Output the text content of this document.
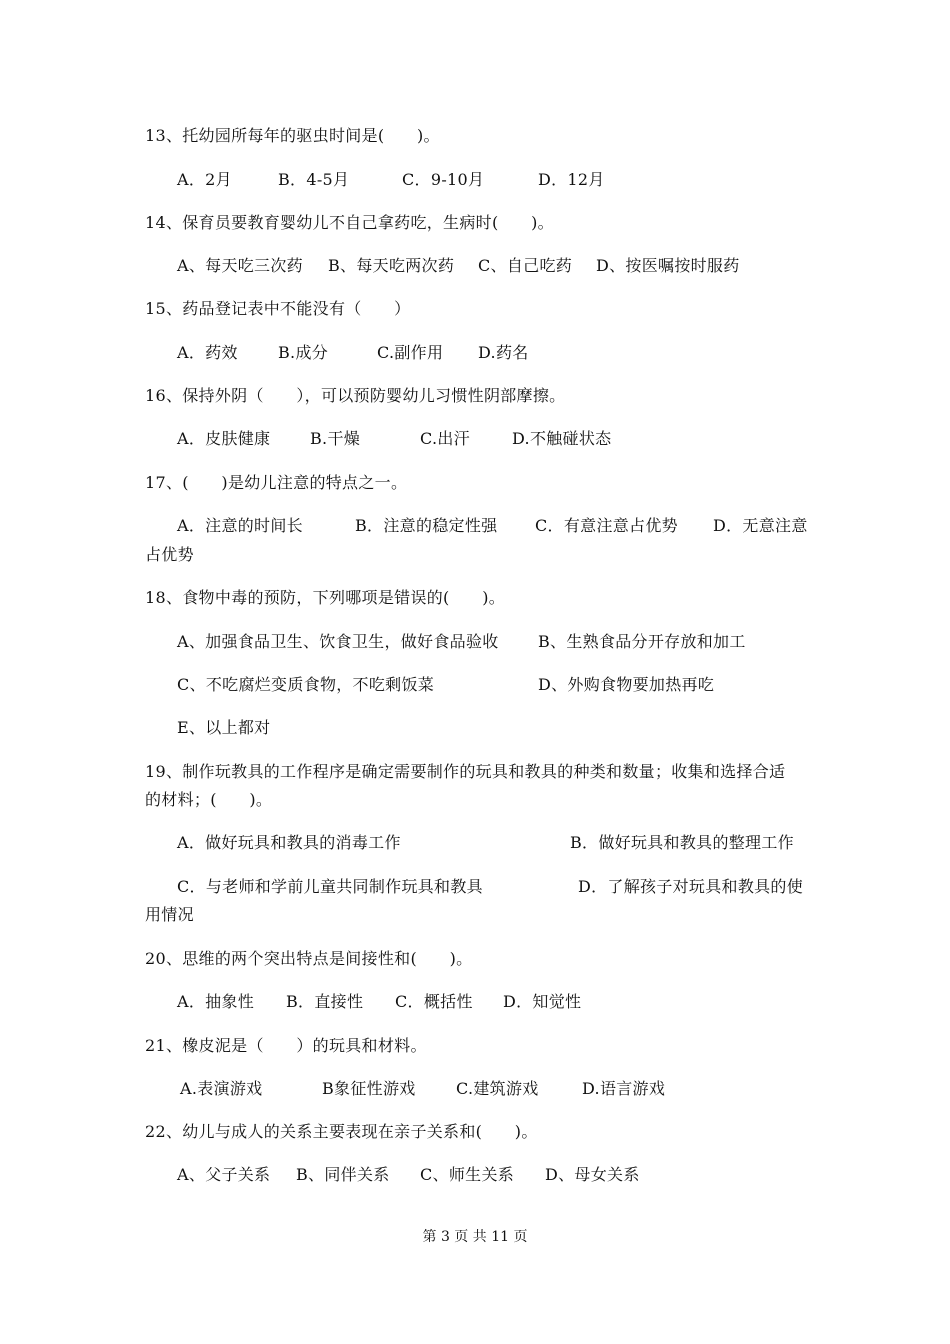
13、托幼园所每年的驱虫时间是(　　)。
A．2月	B．4-5月	C．9-10月	D．12月
14、保育员要教育婴幼儿不自己拿药吃，生病时(　　)。
A、每天吃三次药 B、每天吃两次药 C、自己吃药 D、按医嘱按时服药
15、药品登记表中不能没有（　　）
A．药效	B.成分	C.副作用 D.药名
16、保持外阴（　　），可以预防婴幼儿习惯性阴部摩擦。
A．皮肤健康 B.干燥	C.出汗	D.不触碰状态
17、(　　)是幼儿注意的特点之一。
A．注意的时间长	B．注意的稳定性强 C．有意注意占优势 D．无意注意
占优势
18、食物中毒的预防，下列哪项是错误的(　　)。
A、加强食品卫生、饮食卫生，做好食品验收 B、生熟食品分开存放和加工
C、不吃腐烂变质食物，不吃剩饭菜	D、外购食物要加热再吃
E、以上都对
19、制作玩教具的工作程序是确定需要制作的玩具和教具的种类和数量；收集和选择合适
的材料；(　　)。
A．做好玩具和教具的消毒工作	B．做好玩具和教具的整理工作
C．与老师和学前儿童共同制作玩具和教具	D．了解孩子对玩具和教具的使
用情况
20、思维的两个突出特点是间接性和(　　)。
A．抽象性 B．直接性 C．概括性 D．知觉性
21、橡皮泥是（　　）的玩具和材料。
A.表演游戏	B象征性游戏	C.建筑游戏	D.语言游戏
22、幼儿与成人的关系主要表现在亲子关系和(　　)。
A、父子关系 B、同伴关系 C、师生关系 D、母女关系
第 3 页 共 11 页
